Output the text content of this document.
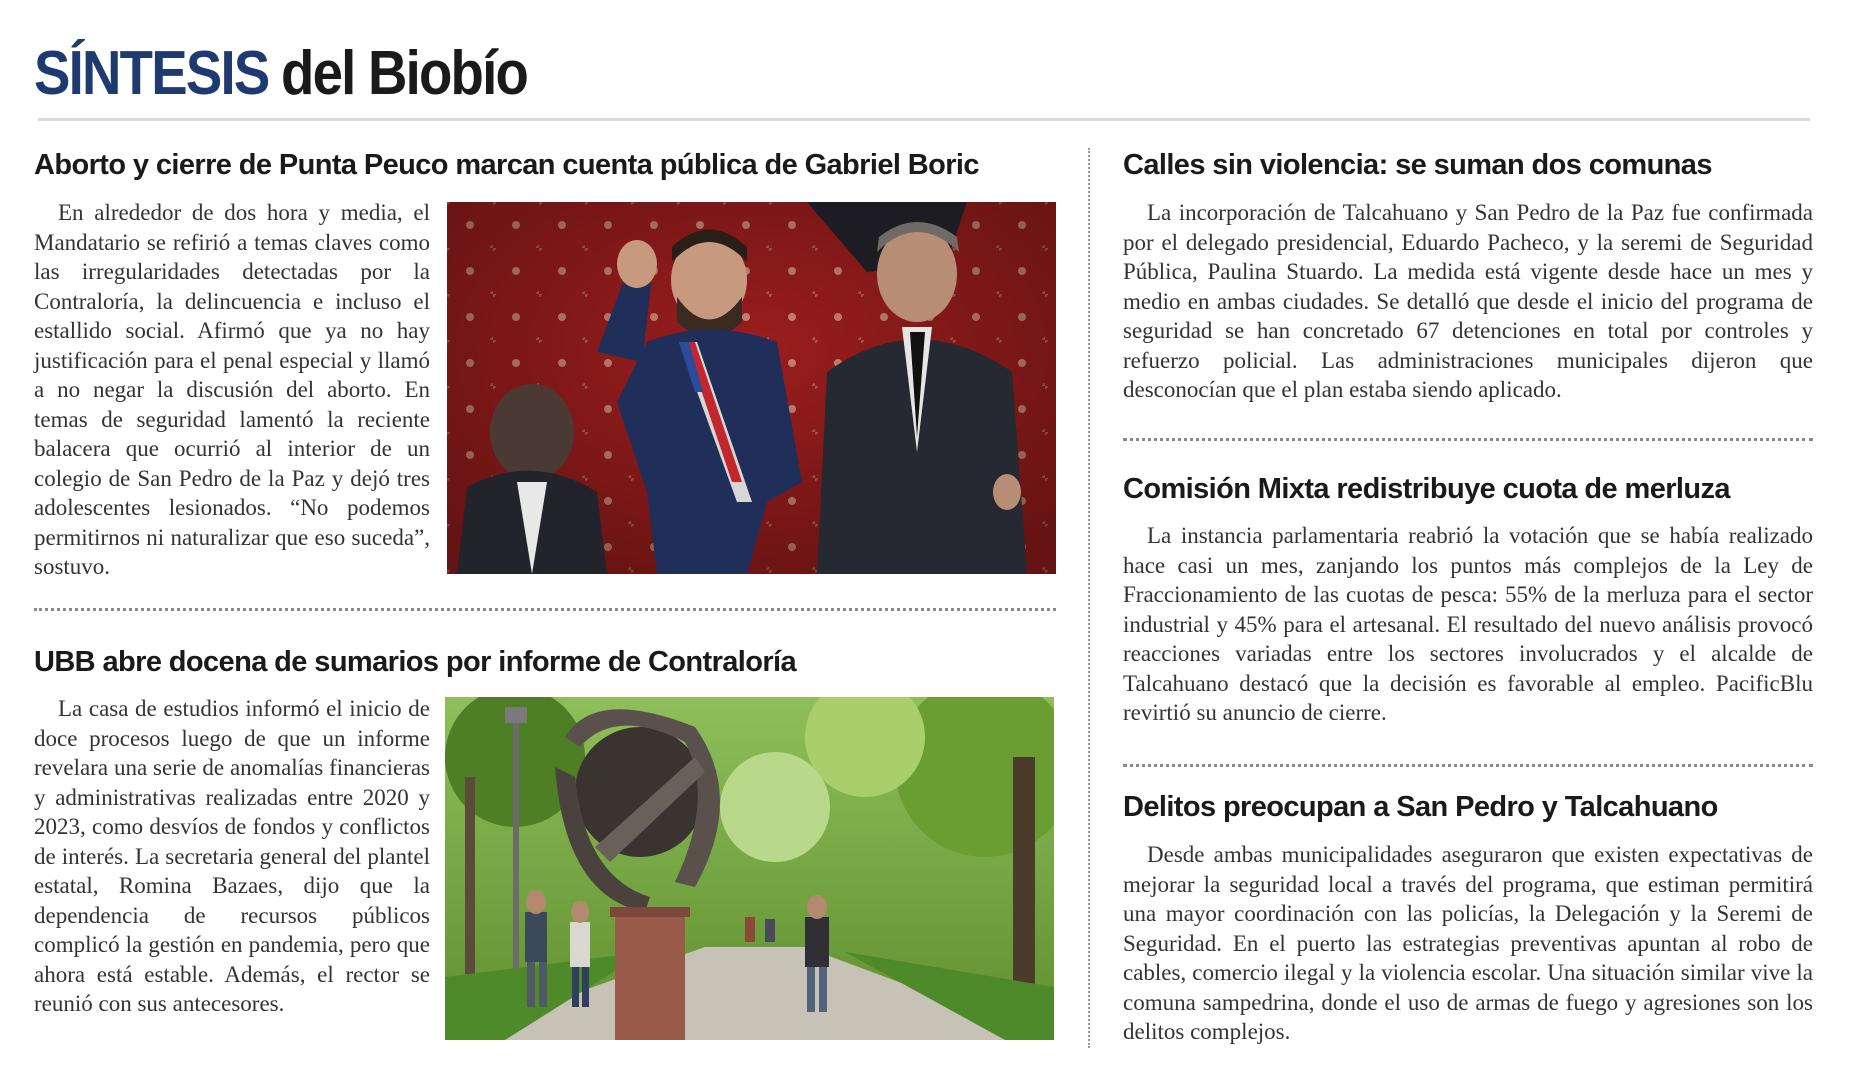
SÍNTESIS del Biobío
Aborto y cierre de Punta Peuco marcan cuenta pública de Gabriel Boric
En alrededor de dos hora y media, el Mandatario se refirió a temas claves como las irregularidades detectadas por la Contraloría, la delincuencia e incluso el estallido social. Afirmó que ya no hay justificación para el penal especial y llamó a no negar la discusión del aborto. En temas de seguridad lamentó la reciente balacera que ocurrió al interior de un colegio de San Pedro de la Paz y dejó tres adolescentes lesionados. “No podemos permitirnos ni naturalizar que eso suceda”, sostuvo.
UBB abre docena de sumarios por informe de Contraloría
La casa de estudios informó el inicio de doce procesos luego de que un informe revelara una serie de anomalías financieras y administrativas realizadas entre 2020 y 2023, como desvíos de fondos y conflictos de interés. La secretaria general del plantel estatal, Romina Bazaes, dijo que la dependencia de recursos públicos complicó la gestión en pandemia, pero que ahora está estable. Además, el rector se reunió con sus antecesores.
Calles sin violencia: se suman dos comunas
La incorporación de Talcahuano y San Pedro de la Paz fue confirmada por el delegado presidencial, Eduardo Pacheco, y la seremi de Seguridad Pública, Paulina Stuardo. La medida está vigente desde hace un mes y medio en ambas ciudades. Se detalló que desde el inicio del programa de seguridad se han concretado 67 detenciones en total por controles y refuerzo policial. Las administraciones municipales dijeron que desconocían que el plan estaba siendo aplicado.
Comisión Mixta redistribuye cuota de merluza
La instancia parlamentaria reabrió la votación que se había realizado hace casi un mes, zanjando los puntos más complejos de la Ley de Fraccionamiento de las cuotas de pesca: 55% de la merluza para el sector industrial y 45% para el artesanal. El resultado del nuevo análisis provocó reacciones variadas entre los sectores involucrados y el alcalde de Talcahuano destacó que la decisión es favorable al empleo. PacificBlu revirtió su anuncio de cierre.
Delitos preocupan a San Pedro y Talcahuano
Desde ambas municipalidades aseguraron que existen expectativas de mejorar la seguridad local a través del programa, que estiman permitirá una mayor coordinación con las policías, la Delegación y la Seremi de Seguridad. En el puerto las estrategias preventivas apuntan al robo de cables, comercio ilegal y la violencia escolar. Una situación similar vive la comuna sampedrina, donde el uso de armas de fuego y agresiones son los delitos complejos.
